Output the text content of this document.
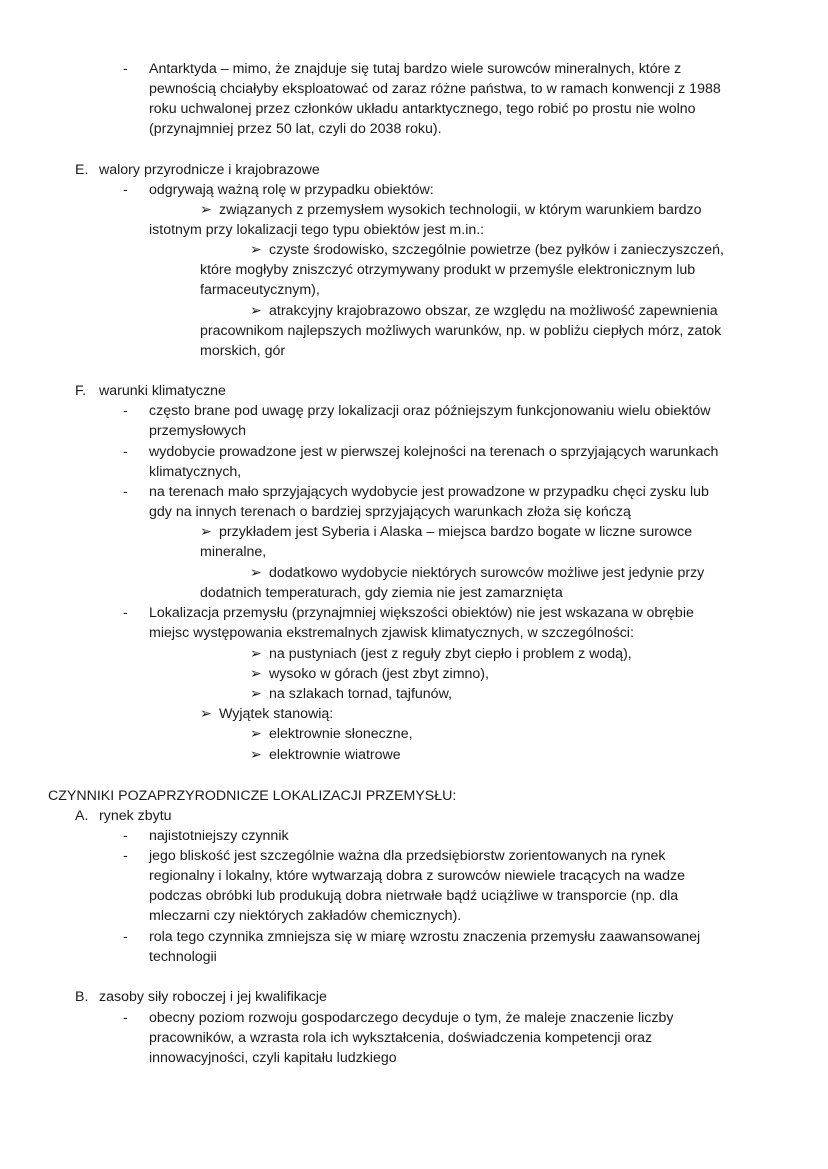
- Antarktyda – mimo, że znajduje się tutaj bardzo wiele surowców mineralnych, które z
pewnością chciałyby eksploatować od zaraz różne państwa, to w ramach konwencji z 1988
roku uchwalonej przez członków układu antarktycznego, tego robić po prostu nie wolno
(przynajmniej przez 50 lat, czyli do 2038 roku).
E. walory przyrodnicze i krajobrazowe
- odgrywają ważną rolę w przypadku obiektów:
➢ związanych z przemysłem wysokich technologii, w którym warunkiem bardzo
istotnym przy lokalizacji tego typu obiektów jest m.in.:
➢ czyste środowisko, szczególnie powietrze (bez pyłków i zanieczyszczeń,
które mogłyby zniszczyć otrzymywany produkt w przemyśle elektronicznym lub
farmaceutycznym),
➢ atrakcyjny krajobrazowo obszar, ze względu na możliwość zapewnienia
pracownikom najlepszych możliwych warunków, np. w pobliżu ciepłych mórz, zatok
morskich, gór
F. warunki klimatyczne
- często brane pod uwagę przy lokalizacji oraz późniejszym funkcjonowaniu wielu obiektów
przemysłowych
- wydobycie prowadzone jest w pierwszej kolejności na terenach o sprzyjających warunkach
klimatycznych,
- na terenach mało sprzyjających wydobycie jest prowadzone w przypadku chęci zysku lub
gdy na innych terenach o bardziej sprzyjających warunkach złoża się kończą
➢ przykładem jest Syberia i Alaska – miejsca bardzo bogate w liczne surowce
mineralne,
➢ dodatkowo wydobycie niektórych surowców możliwe jest jedynie przy
dodatnich temperaturach, gdy ziemia nie jest zamarznięta
- Lokalizacja przemysłu (przynajmniej większości obiektów) nie jest wskazana w obrębie
miejsc występowania ekstremalnych zjawisk klimatycznych, w szczególności:
➢ na pustyniach (jest z reguły zbyt ciepło i problem z wodą),
➢ wysoko w górach (jest zbyt zimno),
➢ na szlakach tornad, tajfunów,
➢ Wyjątek stanowią:
➢ elektrownie słoneczne,
➢ elektrownie wiatrowe
CZYNNIKI POZAPRZYRODNICZE LOKALIZACJI PRZEMYSŁU:
A. rynek zbytu
- najistotniejszy czynnik
- jego bliskość jest szczególnie ważna dla przedsiębiorstw zorientowanych na rynek
regionalny i lokalny, które wytwarzają dobra z surowców niewiele tracących na wadze
podczas obróbki lub produkują dobra nietrwałe bądź uciążliwe w transporcie (np. dla
mleczarni czy niektórych zakładów chemicznych).
- rola tego czynnika zmniejsza się w miarę wzrostu znaczenia przemysłu zaawansowanej
technologii
B. zasoby siły roboczej i jej kwalifikacje
- obecny poziom rozwoju gospodarczego decyduje o tym, że maleje znaczenie liczby
pracowników, a wzrasta rola ich wykształcenia, doświadczenia kompetencji oraz
innowacyjności, czyli kapitału ludzkiego
